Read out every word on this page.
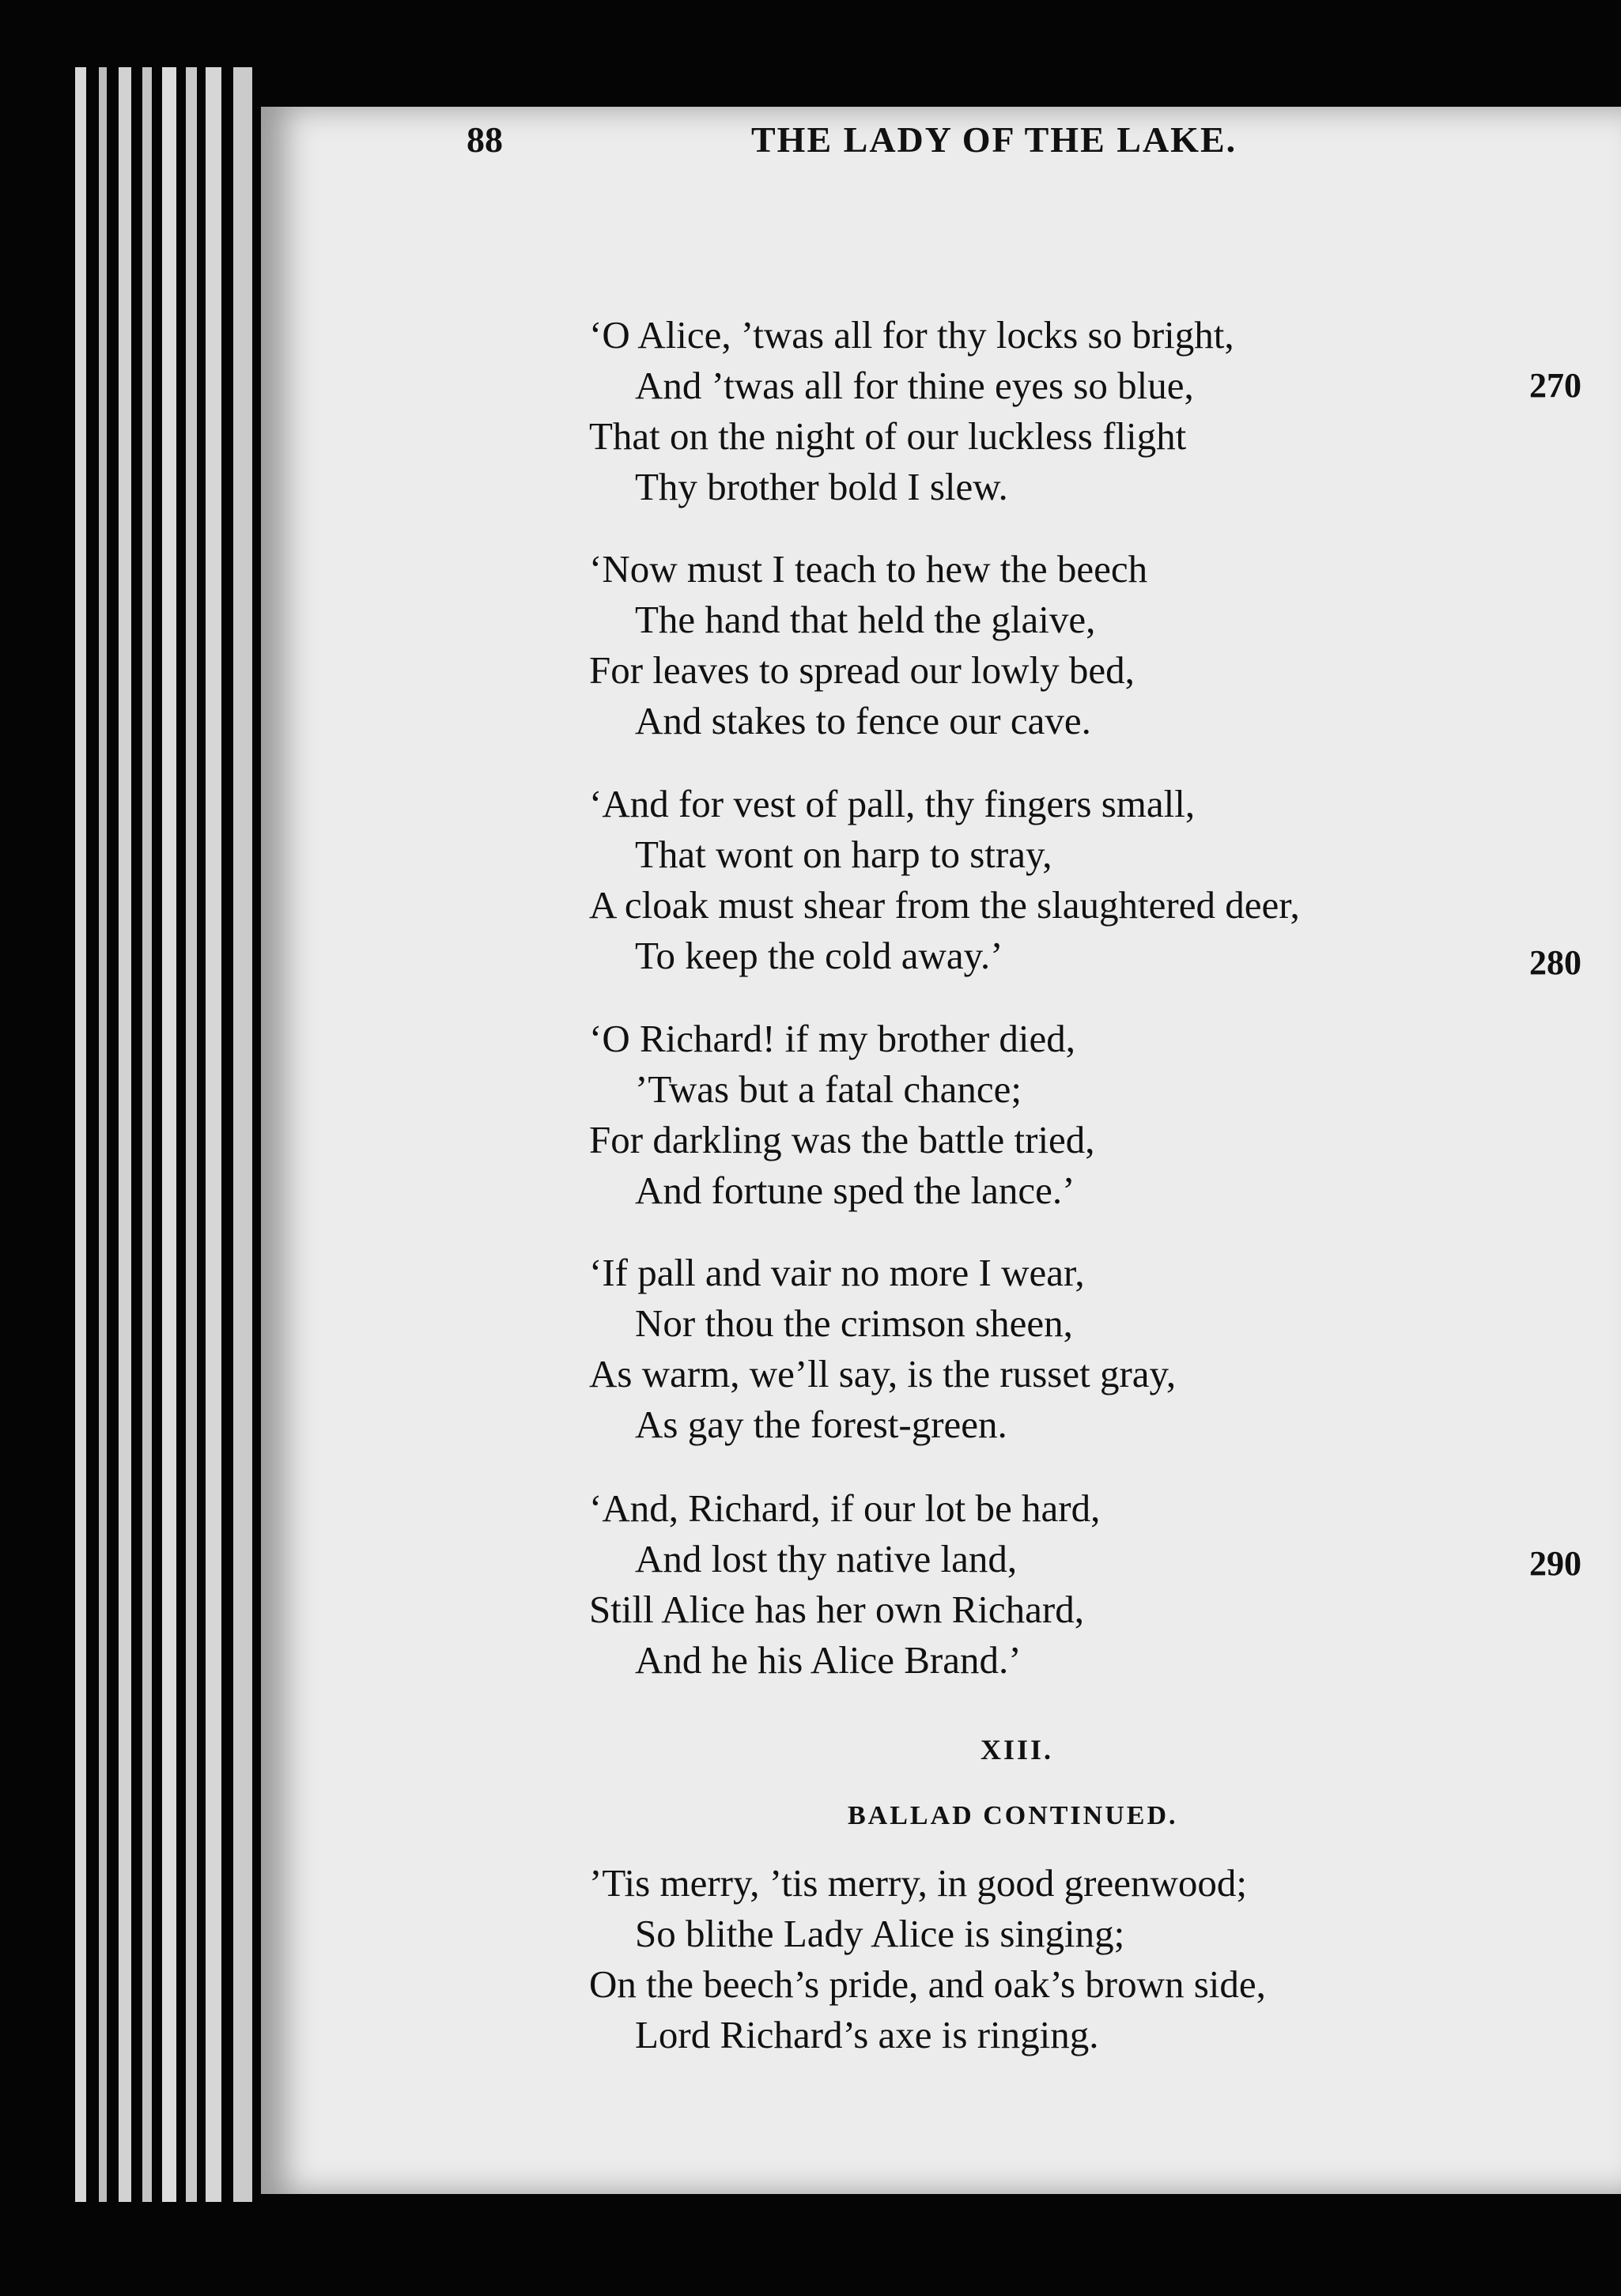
88	THE LADY OF THE LAKE.
‘O Alice, ’twas all for thy locks so bright,
And ’twas all for thine eyes so blue,
That on the night of our luckless flight
Thy brother bold I slew.
‘Now must I teach to hew the beech
The hand that held the glaive,
For leaves to spread our lowly bed,
And stakes to fence our cave.
‘And for vest of pall, thy fingers small,
That wont on harp to stray,
A cloak must shear from the slaughtered deer,
To keep the cold away.’
‘O Richard! if my brother died,
’Twas but a fatal chance;
For darkling was the battle tried,
And fortune sped the lance.’
‘If pall and vair no more I wear,
Nor thou the crimson sheen,
As warm, we’ll say, is the russet gray,
As gay the forest-green.
‘And, Richard, if our lot be hard,
And lost thy native land,
Still Alice has her own Richard,
And he his Alice Brand.’
XIII.
BALLAD CONTINUED.
’Tis merry, ’tis merry, in good greenwood;
So blithe Lady Alice is singing;
On the beech’s pride, and oak’s brown side,
Lord Richard’s axe is ringing.
270
280
290
